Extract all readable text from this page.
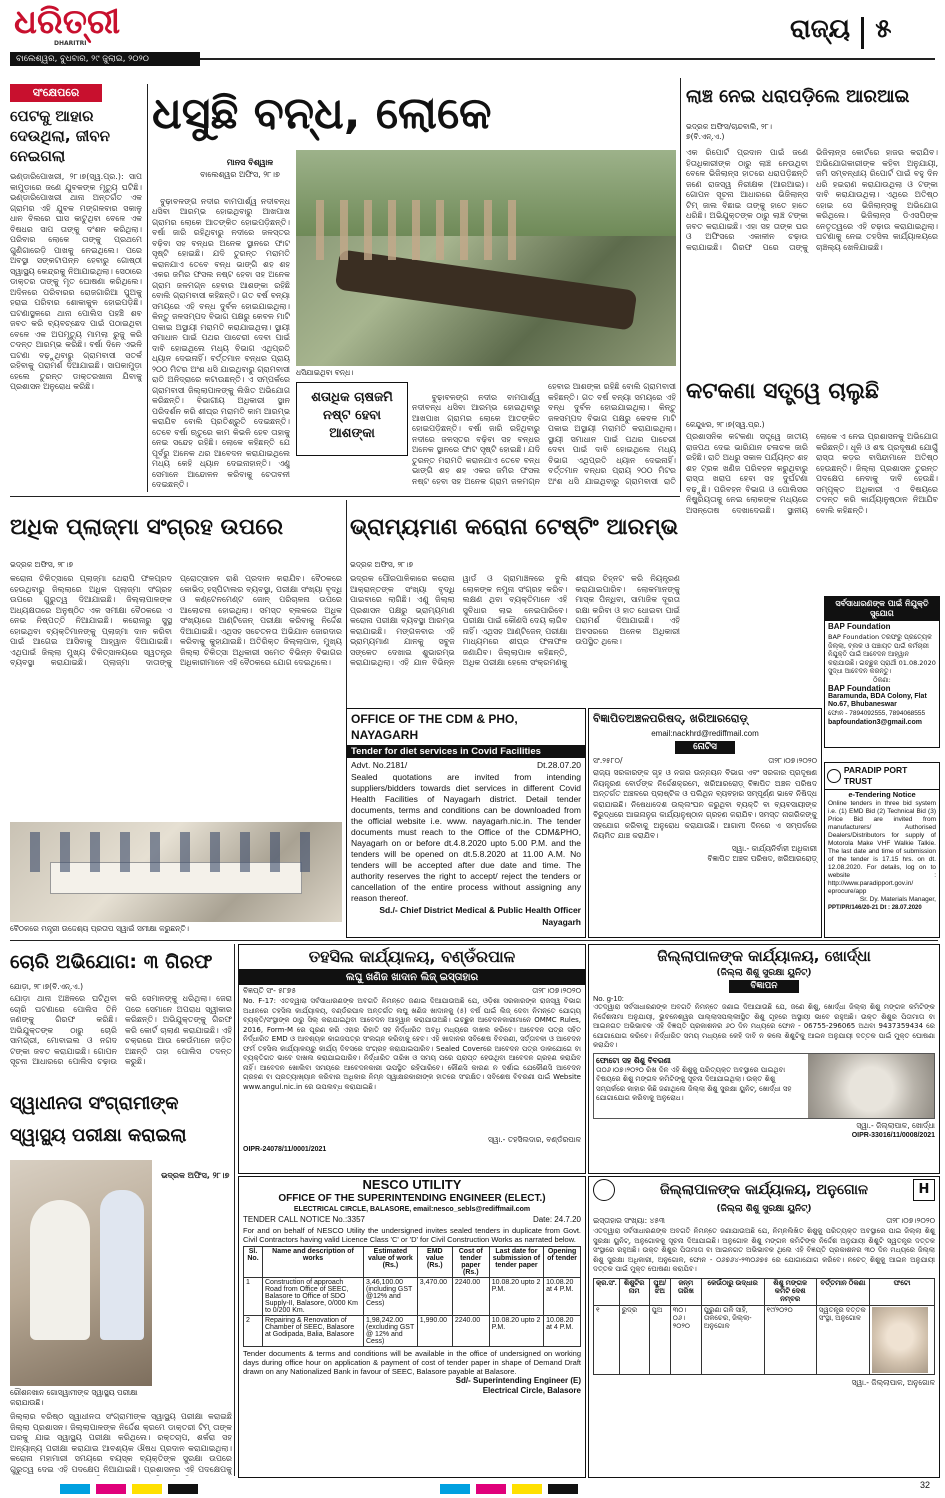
ଧରିତ୍ରୀ
DHARITRI
ବାଲେଶ୍ୱର, ବୁଧବାର, ୨୯ ଜୁଲାଇ, ୨୦୨୦
ରାଜ୍ୟ ୫
ସଂକ୍ଷେପରେ
ପେଟକୁ ଆହାର ଦେଉଥିଲା, ଜୀବନ ନେଇଗଲା
ଭଣ୍ଡାରିପୋଖରୀ, ୨୮।୭(ସ୍ୱ.ପ୍ର.): ସାପ କାମୁଡ଼ାରେ ଜଣେ ଯୁବକଙ୍କ ମୃତ୍ୟୁ ଘଟିଛି। ଭଣ୍ଡାରିପୋଖରୀ ଥାନା ଅନ୍ତର୍ଗତ ଏକ ଗ୍ରାମର ଏହି ଯୁବକ ମଙ୍ଗଳବାର ସକାଳୁ ଧାନ ବିଲରେ ଘାସ କାଟୁଥିବା ବେଳେ ଏକ ବିଷଧର ସାପ ତାଙ୍କୁ ଦଂଶନ କରିଥିଲା। ପରିବାର ଲୋକେ ତାଙ୍କୁ ପ୍ରଥମେ ଗୁଣିଗାରେଡ଼ି ପାଖକୁ ନେଇଥିଲେ। ପରେ ଅବସ୍ଥା ସଙ୍କଟାପନ୍ନ ହେବାରୁ ଗୋଷ୍ଠୀ ସ୍ୱାସ୍ଥ୍ୟ କେନ୍ଦ୍ରକୁ ନିଆଯାଇଥିଲା। ସେଠାରେ ଡାକ୍ତର ତାଙ୍କୁ ମୃତ ଘୋଷଣା କରିଥିଲେ। ଅଦିନରେ ପରିବାରର ରୋଜଗାରିଆ ପୁଅକୁ ହରାଇ ପରିବାର ଶୋକାକୁଳ ହୋଇପଡ଼ିଛି। ଘଟଣାସ୍ଥଳରେ ଥାନା ପୋଲିସ ପହଞ୍ଚି ଶବ ଜବତ କରି ବ୍ୟବଚ୍ଛେଦ ପାଇଁ ପଠାଇଥିବା ବେଳେ ଏକ ଅପମୃତ୍ୟୁ ମାମଲା ରୁଜୁ କରି ତଦନ୍ତ ଆରମ୍ଭ କରିଛି। ବର୍ଷା ଦିନେ ଏଭଳି ଘଟଣା ବଢ଼ୁଥିବାରୁ ଗ୍ରାମବାସୀ ସତର୍କ ରହିବାକୁ ପରାମର୍ଶ ଦିଆଯାଇଛି। ସାପକାମୁଡ଼ା ହେଲେ ତୁରନ୍ତ ଡାକ୍ତରଖାନା ଯିବାକୁ ପ୍ରଶାସନ ଅନୁରୋଧ କରିଛି।
ଧସୁଛି ବନ୍ଧ, ଲୋକେ
ମାନସ ବିଶ୍ୱାଳ
ବାଲେଶ୍ୱର ଅଫିସ, ୨୮।୭

ବୁଢ଼ାବଳଙ୍ଗ ନଦୀର ବାମପାର୍ଶ୍ୱ ନଦୀବନ୍ଧ ଧସିବା ଆରମ୍ଭ ହୋଇଥିବାରୁ ଆଖପାଖ ଗ୍ରାମର ଲୋକେ ଆତଙ୍କିତ ହୋଇପଡ଼ିଛନ୍ତି। ବର୍ଷା ଜାରି ରହିଥିବାରୁ ନଦୀରେ ଜଳସ୍ତର ବଢ଼ିବା ସହ ବନ୍ଧର ଅନେକ ସ୍ଥାନରେ ଫାଟ ସୃଷ୍ଟି ହୋଇଛି। ଯଦି ତୁରନ୍ତ ମରାମତି କରାନଯାଏ ତେବେ ବନ୍ଧ ଭାଙ୍ଗି ଶହ ଶହ ଏକର ଜମିର ଫସଲ ନଷ୍ଟ ହେବା ସହ ଅନେକ ଗ୍ରାମ ଜଳମଗ୍ନ ହେବାର ଆଶଙ୍କା ରହିଛି ବୋଲି ଗ୍ରାମବାସୀ କହିଛନ୍ତି। ଗତ ବର୍ଷ ବନ୍ୟା ସମୟରେ ଏହି ବନ୍ଧ ଦୁର୍ବଳ ହୋଇଯାଇଥିଲା। କିନ୍ତୁ ଜଳସମ୍ପଦ ବିଭାଗ ପକ୍ଷରୁ କେବଳ ମାଟି ପକାଇ ଅସ୍ଥାୟୀ ମରାମତି କରାଯାଇଥିଲା। ସ୍ଥାୟୀ ସମାଧାନ ପାଇଁ ପଥର ପାଚେରୀ ଦେବା ପାଇଁ ଦାବି ହୋଇଥିଲେ ମଧ୍ୟ ବିଭାଗ ଏଥିପ୍ରତି ଧ୍ୟାନ ଦେଇନାହିଁ। ବର୍ତ୍ତମାନ ବନ୍ଧର ପ୍ରାୟ ୨୦୦ ମିଟର ଅଂଶ ଧସି ଯାଇଥିବାରୁ ଗ୍ରାମବାସୀ ରାତି ଅନିଦ୍ରାରେ କଟାଉଛନ୍ତି। ଏ ସମ୍ପର୍କରେ ଗ୍ରାମବାସୀ ଜିଲ୍ଲାପାଳଙ୍କୁ ଲିଖିତ ଅଭିଯୋଗ କରିଛନ୍ତି। ବିଭାଗୀୟ ଅଧିକାରୀ ସ୍ଥାନ ପରିଦର୍ଶନ କରି ଶୀଘ୍ର ମରାମତି କାମ ଆରମ୍ଭ କରାଯିବ ବୋଲି ପ୍ରତିଶ୍ରୁତି ଦେଇଛନ୍ତି। ତେବେ ବର୍ଷା ଋତୁରେ କାମ କିଭଳି ହେବ ତାହାକୁ ନେଇ ସନ୍ଦେହ ରହିଛି। ଲୋକେ କହିଛନ୍ତି ଯେ ପୂର୍ବରୁ ଅନେକ ଥର ଆବେଦନ କରାଯାଇଥିଲେ ମଧ୍ୟ କେହି ଧ୍ୟାନ ଦେଇନାହାନ୍ତି। ଏଣୁ ସେମାନେ ଆନ୍ଦୋଳନ କରିବାକୁ ଚେତାବନୀ ଦେଇଛନ୍ତି।

ଧସିଯାଇଥିବା ବନ୍ଧ।
ଶତାଧିକ ଚାଷଜମି ନଷ୍ଟ ହେବା ଆଶଙ୍କା

ବୁଢ଼ାବଳଙ୍ଗ ନଦୀର ବାମପାର୍ଶ୍ୱ ନଦୀବନ୍ଧ ଧସିବା ଆରମ୍ଭ ହୋଇଥିବାରୁ ଆଖପାଖ ଗ୍ରାମର ଲୋକେ ଆତଙ୍କିତ ହୋଇପଡ଼ିଛନ୍ତି। ବର୍ଷା ଜାରି ରହିଥିବାରୁ ନଦୀରେ ଜଳସ୍ତର ବଢ଼ିବା ସହ ବନ୍ଧର ଅନେକ ସ୍ଥାନରେ ଫାଟ ସୃଷ୍ଟି ହୋଇଛି। ଯଦି ତୁରନ୍ତ ମରାମତି କରାନଯାଏ ତେବେ ବନ୍ଧ ଭାଙ୍ଗି ଶହ ଶହ ଏକର ଜମିର ଫସଲ ନଷ୍ଟ ହେବା ସହ ଅନେକ ଗ୍ରାମ ଜଳମଗ୍ନ ହେବାର ଆଶଙ୍କା ରହିଛି ବୋଲି ଗ୍ରାମବାସୀ କହିଛନ୍ତି। ଗତ ବର୍ଷ ବନ୍ୟା ସମୟରେ ଏହି ବନ୍ଧ ଦୁର୍ବଳ ହୋଇଯାଇଥିଲା। କିନ୍ତୁ ଜଳସମ୍ପଦ ବିଭାଗ ପକ୍ଷରୁ କେବଳ ମାଟି ପକାଇ ଅସ୍ଥାୟୀ ମରାମତି କରାଯାଇଥିଲା। ସ୍ଥାୟୀ ସମାଧାନ ପାଇଁ ପଥର ପାଚେରୀ ଦେବା ପାଇଁ ଦାବି ହୋଇଥିଲେ ମଧ୍ୟ ବିଭାଗ ଏଥିପ୍ରତି ଧ୍ୟାନ ଦେଇନାହିଁ। ବର୍ତ୍ତମାନ ବନ୍ଧର ପ୍ରାୟ ୨୦୦ ମିଟର ଅଂଶ ଧସି ଯାଇଥିବାରୁ ଗ୍ରାମବାସୀ ରାତି

ଲାଞ୍ଚ ନେଇ ଧରାପଡ଼ିଲେ ଆରଆଇ
ଭଦ୍ରକ ଅଫିସ/ଚାନ୍ଦବାଲି, ୨୮।୭(ବି.ଏନ୍.ଏ.)
ଏକ ରିପୋର୍ଟ ପ୍ରଦାନ ପାଇଁ ଜଣେ ହିତାଧିକାରୀଙ୍କ ଠାରୁ ଲାଞ୍ଚ ନେଉଥିବା ବେଳେ ଭିଜିଲାନ୍ସ ହାତରେ ଧରାପଡ଼ିଛନ୍ତି ଜଣେ ରାଜସ୍ୱ ନିରୀକ୍ଷକ (ଆରଆଇ)। ଗୋପନ ସୂଚନା ଆଧାରରେ ଭିଜିଲାନ୍ସ ଟିମ୍ ଜାଲ ବିଛାଇ ତାଙ୍କୁ ହାତେ ହାତେ ଧରିଛି। ଅଭିଯୁକ୍ତଙ୍କ ଠାରୁ ଲାଞ୍ଚ ଟଙ୍କା ଜବତ କରାଯାଇଛି। ଏହା ସହ ତାଙ୍କ ଘର ଓ ଅଫିସରେ ଏକାଳୀନ ଚଢ଼ାଉ କରାଯାଇଛି। ଗିରଫ ପରେ ତାଙ୍କୁ ଭିଜିଲାନ୍ସ କୋର୍ଟରେ ହାଜର କରାଯିବ। ଅଭିଯୋଗକାରୀଙ୍କ କହିବା ଅନୁଯାୟୀ, ଜମି ସମ୍ବନ୍ଧୀୟ ରିପୋର୍ଟ ପାଇଁ ବହୁ ଦିନ ଧରି ହଇରାଣ କରାଯାଉଥିଲା ଓ ଟଙ୍କା ଦାବି କରାଯାଉଥିଲା। ଏଥିରେ ଅତିଷ୍ଠ ହୋଇ ସେ ଭିଜିଲାନ୍ସକୁ ଅଭିଯୋଗ କରିଥିଲେ। ଭିଜିଲାନ୍ସ ଡିଏସପିଙ୍କ ନେତୃତ୍ୱରେ ଏହି ଚଢ଼ାଉ କରାଯାଇଥିଲା। ଘଟଣାକୁ ନେଇ ତହସିଲ କାର୍ଯ୍ୟାଳୟରେ ଚାଞ୍ଚଲ୍ୟ ଖେଳିଯାଇଛି।
କଟକଣା ସତ୍ତ୍ୱେ ଚାଲୁଛି
କେନ୍ଦୁଝର, ୨୮।୭(ସ୍ୱ.ପ୍ର.)
ପ୍ରଶାସନିକ କଟକଣା ସତ୍ତ୍ୱେ ଜାତୀୟ ରାଜପଥ ଦେଇ ଭାରିଯାନ ଚଳାଚଳ ଜାରି ରହିଛି। ରାତି ଅଧରୁ ସକାଳ ପର୍ଯ୍ୟନ୍ତ ଶହ ଶହ ଟ୍ରକ ଖଣିଜ ପରିବହନ କରୁଥିବାରୁ ରାସ୍ତା ଖରାପ ହେବା ସହ ଦୁର୍ଘଟଣା ବଢ଼ୁଛି। ପରିବହନ ବିଭାଗ ଓ ପୋଲିସର ନିଷ୍କ୍ରିୟତାକୁ ନେଇ ଲୋକଙ୍କ ମଧ୍ୟରେ ଅସନ୍ତୋଷ ଦେଖାଦେଇଛି। ସ୍ଥାନୀୟ ଲୋକେ ଏ ନେଇ ପ୍ରଶାସନକୁ ଅଭିଯୋଗ କରିଛନ୍ତି। ଧୂଳି ଓ ଶବ୍ଦ ପ୍ରଦୂଷଣ ଯୋଗୁଁ ରାସ୍ତା କଡ଼ର ବାସିନ୍ଦାମାନେ ଅତିଷ୍ଠ ହେଉଛନ୍ତି। ଜିଲ୍ଲା ପ୍ରଶାସନ ତୁରନ୍ତ ପଦକ୍ଷେପ ନେବାକୁ ଦାବି ହେଉଛି। ସମ୍ପୃକ୍ତ ଅଧିକାରୀ ଏ ବିଷୟରେ ତଦନ୍ତ କରି କାର୍ଯ୍ୟାନୁଷ୍ଠାନ ନିଆଯିବ ବୋଲି କହିଛନ୍ତି।
ଅଧିକ ପ୍ଲାଜ୍ମା ସଂଗ୍ରହ ଉପରେ
ଭଦ୍ରକ ଅଫିସ, ୨୮।୭
କରୋନା ଚିକିତ୍ସାରେ ପ୍ଲାଜ୍ମା ଥେରାପି ଫଳପ୍ରଦ ହେଉଥିବାରୁ ଜିଲ୍ଲାରେ ଅଧିକ ପ୍ଲାଜ୍ମା ସଂଗ୍ରହ ଉପରେ ଗୁରୁତ୍ୱ ଦିଆଯାଇଛି। ଜିଲ୍ଲାପାଳଙ୍କ ଅଧ୍ୟକ୍ଷତାରେ ଅନୁଷ୍ଠିତ ଏକ ସମୀକ୍ଷା ବୈଠକରେ ଏ ନେଇ ନିଷ୍ପତ୍ତି ନିଆଯାଇଛି। କରୋନାରୁ ସୁସ୍ଥ ହୋଇଥିବା ବ୍ୟକ୍ତିମାନଙ୍କୁ ପ୍ଲାଜ୍ମା ଦାନ କରିବା ପାଇଁ ଆଗେଇ ଆସିବାକୁ ଆହ୍ୱାନ ଦିଆଯାଇଛି। ଏଥିପାଇଁ ଜିଲ୍ଲା ମୁଖ୍ୟ ଚିକିତ୍ସାଳୟରେ ସ୍ୱତନ୍ତ୍ର ବ୍ୟବସ୍ଥା କରାଯାଇଛି। ପ୍ଲାଜ୍ମା ଦାତାଙ୍କୁ ପ୍ରୋତ୍ସାହନ ରାଶି ପ୍ରଦାନ କରାଯିବ। ବୈଠକରେ କୋଭିଡ୍ ହସ୍ପିଟାଲର ବ୍ୟବସ୍ଥା, ପରୀକ୍ଷା ସଂଖ୍ୟା ବୃଦ୍ଧି ଓ କଣ୍ଟେନମେଣ୍ଟ ଜୋନ୍ ପରିଚାଳନା ଉପରେ ଆଲୋଚନା ହୋଇଥିଲା। ସମସ୍ତ ବ୍ଲକରେ ଅଧିକ ସଂଖ୍ୟାରେ ଆଣ୍ଟିଜେନ୍ ପରୀକ୍ଷା କରିବାକୁ ନିର୍ଦ୍ଦେଶ ଦିଆଯାଇଛି। ଏଥିସହ ସଚେତନତା ଅଭିଯାନ ଜୋରଦାର କରିବାକୁ କୁହାଯାଇଛି। ଅତିରିକ୍ତ ଜିଲ୍ଲାପାଳ, ମୁଖ୍ୟ ଜିଲ୍ଲା ଚିକିତ୍ସା ଅଧିକାରୀ ସମେତ ବିଭିନ୍ନ ବିଭାଗର ଅଧିକାରୀମାନେ ଏହି ବୈଠକରେ ଯୋଗ ଦେଇଥିଲେ।
ବୈଠକରେ ମନ୍ତ୍ରୀ ଉଦ୍ଦେଶ୍ୟ ପ୍ରତାପ ସ୍ୱାଇଁ ସମୀକ୍ଷା କରୁଛନ୍ତି।
ଭ୍ରାମ୍ୟମାଣ କରୋନା ଟେଷ୍ଟିଂ ଆରମ୍ଭ
ଭଦ୍ରକ ଅଫିସ, ୨୮।୭
ଭଦ୍ରକ ପୌରପାଳିକାରେ କରୋନା ଆକ୍ରାନ୍ତଙ୍କ ସଂଖ୍ୟା ବୃଦ୍ଧି ପାଇବାରେ ଲାଗିଛି। ଏଣୁ ଜିଲ୍ଲା ପ୍ରଶାସନ ପକ୍ଷରୁ ଭ୍ରାମ୍ୟମାଣ କରୋନା ପରୀକ୍ଷା ବ୍ୟବସ୍ଥା ଆରମ୍ଭ କରାଯାଇଛି। ମଙ୍ଗଳବାର ଏହି ଭ୍ରାମ୍ୟମାଣ ଯାନକୁ ସବୁଜ ସଙ୍କେତ ଦେଖାଇ ଶୁଭାରମ୍ଭ କରାଯାଇଥିଲା। ଏହି ଯାନ ବିଭିନ୍ନ ୱାର୍ଡ ଓ ଗ୍ରାମାଞ୍ଚଳରେ ବୁଲି ଲୋକଙ୍କ ନମୁନା ସଂଗ୍ରହ କରିବ। ଲକ୍ଷଣ ଥିବା ବ୍ୟକ୍ତିମାନେ ଏହି ସୁବିଧାର ଲାଭ ନେଇପାରିବେ। ପରୀକ୍ଷା ପାଇଁ କୌଣସି ଦେୟ ଲାଗିବ ନାହିଁ। ଏଥିସହ ଆଣ୍ଟିଜେନ୍ ପରୀକ୍ଷା ମାଧ୍ୟମରେ ଶୀଘ୍ର ଫଳାଫଳ ଜଣାଯିବ। ଜିଲ୍ଲାପାଳ କହିଛନ୍ତି, ଅଧିକ ପରୀକ୍ଷା ହେଲେ ସଂକ୍ରମଣକୁ ଶୀଘ୍ର ଚିହ୍ନଟ କରି ନିୟନ୍ତ୍ରଣ କରାଯାଇପାରିବ। ଲୋକମାନଙ୍କୁ ମାସ୍କ ପିନ୍ଧିବା, ସାମାଜିକ ଦୂରତା ରକ୍ଷା କରିବା ଓ ହାତ ଧୋଇବା ପାଇଁ ପରାମର୍ଶ ଦିଆଯାଇଛି। ଏହି ଅବସରରେ ଅନେକ ଅଧିକାରୀ ଉପସ୍ଥିତ ଥିଲେ।
OFFICE OF THE CDM & PHO, NAYAGARH
Tender for diet services in Covid Facilities
Advt. No.2181/	Dt.28.07.20
Sealed quotations are invited from intending suppliers/bidders towards diet services in different Covid Health Facilities of Nayagarh district. Detail tender documents, terms and conditions can be downloaded from the official website i.e. www. nayagarh.nic.in. The tender documents must reach to the Office of the CDM&PHO, Nayagarh on or before dt.4.8.2020 upto 5.00 P.M. and the tenders will be opened on dt.5.8.2020 at 11.00 A.M. No tenders will be accepted after due date and time. The authority reserves the right to accept/ reject the tenders or cancellation of the entire process without assigning any reason thereof.
Sd./- Chief District Medical & Public Health Officer
Nayagarh
ବିଜ୍ଞାପିତଅଞ୍ଚଳପରିଷଦ୍, ଖରିଆରରୋଡ଼୍
email:nackhrd@rediffmail.com
ନୋଟିସ
ସଂ.୨୫୮୦/	ତା୨୮।୦୭।୨୦୨୦
ରାଜ୍ୟ ସରକାରଙ୍କ ଗୃହ ଓ ନଗର ଉନ୍ନୟନ ବିଭାଗ ଏବଂ ସରକାର ପ୍ରଦୂଷଣ ନିୟନ୍ତ୍ରଣ ବୋର୍ଡଙ୍କ ନିର୍ଦ୍ଦେଶକ୍ରମେ, ଖରିଆରରୋଡ଼୍ ବିଜ୍ଞାପିତ ଅଞ୍ଚଳ ପରିଷଦ ଅନ୍ତର୍ଗତ ଅଞ୍ଚଳରେ ପ୍ଲାଷ୍ଟିକ ଓ ପଲିଥିନ ବ୍ୟବହାର ସମ୍ପୂର୍ଣ୍ଣ ଭାବେ ନିଷିଦ୍ଧ କରାଯାଇଛି। ନିଷେଧାଦେଶ ଉଲ୍ଲଂଘନ କରୁଥିବା ବ୍ୟକ୍ତି ବା ବ୍ୟବସାୟୀଙ୍କ ବିରୁଦ୍ଧରେ ଆଇନାନୁଗ କାର୍ଯ୍ୟାନୁଷ୍ଠାନ ଗ୍ରହଣ କରାଯିବ। ସମସ୍ତ ନାଗରିକଙ୍କୁ ସହଯୋଗ କରିବାକୁ ଅନୁରୋଧ କରାଯାଉଛି। ଆଗାମୀ ଦିନରେ ଏ ସମ୍ପର୍କରେ ନିୟମିତ ଯାଞ୍ଚ କରାଯିବ।
ସ୍ୱା.- କାର୍ଯ୍ୟନିର୍ବାହୀ ଅଧିକାରୀ
ବିଜ୍ଞାପିତ ଅଞ୍ଚଳ ପରିଷଦ, ଖରିଆରରୋଡ଼୍
ସର୍ବସାଧାରଣଙ୍କ ପାଇଁ ନିଯୁକ୍ତି ସୁଯୋଗ
BAP Foundation
BAP Foundation ତରଫରୁ ପ୍ରତ୍ୟେକ ଜିଲ୍ଲା, ବ୍ଲକ ଓ ପଞ୍ଚାୟତ ପାଇଁ କର୍ମଚାରୀ ନିଯୁକ୍ତି ପାଇଁ ଆବେଦନ ଆହ୍ୱାନ କରାଯାଉଛି। ଇଚ୍ଛୁକ ପ୍ରାର୍ଥୀ 01.08.2020 ସୁଦ୍ଧା ଆବେଦନ କରନ୍ତୁ।
ଠିକଣା:
BAP Foundation
Baramunda, BDA Colony, Flat No.67, Bhubaneswar
ଫୋନ - 7894092555, 7894068555
bapfoundation3@gmail.com
PARADIP PORT TRUST
e-Tendering Notice
Online tenders in three bid system i.e. (1) EMD Bid (2) Technical Bid (3) Price Bid are invited from manufacturers/ Authorised Dealers/Distributors for supply of Motorola Make VHF Walkie Talkie. The last date and time of submission of the tender is 17.15 hrs. on dt. 12.08.2020. For details, log on to website : http://www.paradipport.gov.in/ eprocure/app
Sr. Dy. Materials Manager,
PPT/PR/146/20-21 Dt : 28.07.2020
ଚୋରି ଅଭିଯୋଗ: ୩ ଗିରଫ
ଯୋଡ଼ା, ୨୮।୭(ବି.ଏନ୍.ଏ.)
ଯୋଡ଼ା ଥାନା ଅଞ୍ଚଳରେ ଘଟିଥିବା ଚୋରି ଘଟଣାରେ ପୋଲିସ ତିନି ଜଣଙ୍କୁ ଗିରଫ କରିଛି। ଅଭିଯୁକ୍ତଙ୍କ ଠାରୁ ଚୋରି ସାମଗ୍ରୀ, ମୋବାଇଲ ଓ ନଗଦ ଟଙ୍କା ଜବତ କରାଯାଇଛି। ଗୋପନ ସୂଚନା ଆଧାରରେ ପୋଲିସ ଚଢ଼ାଉ କରି ସେମାନଙ୍କୁ ଧରିଥିଲା। ଜେରା ପରେ ସେମାନେ ଅପରାଧ ସ୍ୱୀକାର କରିଛନ୍ତି। ଅଭିଯୁକ୍ତଙ୍କୁ ଗିରଫ କରି କୋର୍ଟ ଚାଲାଣ କରାଯାଇଛି। ଏହି ଚକ୍ରରେ ଆଉ କେଉଁମାନେ ଜଡ଼ିତ ଅଛନ୍ତି ତାହା ପୋଲିସ ତଦନ୍ତ କରୁଛି।
ସ୍ୱାଧୀନତା ସଂଗ୍ରାମୀଙ୍କ ସ୍ୱାସ୍ଥ୍ୟ ପରୀକ୍ଷା କରାଇଲା

ଭଦ୍ରକ ଅଫିସ, ୨୮।୭

ରୌଶନଖାନ ଗୋସ୍ୱାମୀଙ୍କ ସ୍ୱାସ୍ଥ୍ୟ ପରୀକ୍ଷା କରାଯାଉଛି।
ଜିଲ୍ଲାର ବରିଷ୍ଠ ସ୍ୱାଧୀନତା ସଂଗ୍ରାମୀଙ୍କ ସ୍ୱାସ୍ଥ୍ୟ ପରୀକ୍ଷା କରାଇଛି ଜିଲ୍ଲା ପ୍ରଶାସନ। ଜିଲ୍ଲାପାଳଙ୍କ ନିର୍ଦ୍ଦେଶ କ୍ରମେ ଡାକ୍ତରୀ ଟିମ୍ ତାଙ୍କ ଘରକୁ ଯାଇ ସ୍ୱାସ୍ଥ୍ୟ ପରୀକ୍ଷା କରିଥିଲେ। ରକ୍ତଚାପ, ଶର୍କରା ସହ ଅନ୍ୟାନ୍ୟ ପରୀକ୍ଷା କରାଯାଇ ଆବଶ୍ୟକ ଔଷଧ ପ୍ରଦାନ କରାଯାଇଥିଲା। କରୋନା ମହାମାରୀ ସମୟରେ ବୟସ୍କ ବ୍ୟକ୍ତିଙ୍କ ସୁରକ୍ଷା ଉପରେ ଗୁରୁତ୍ୱ ଦେଇ ଏହି ପଦକ୍ଷେପ ନିଆଯାଇଛି। ପ୍ରଶାସନର ଏହି ପଦକ୍ଷେପକୁ
ତହସିଲ କାର୍ଯ୍ୟାଳୟ, ବଣ୍ଡଁରପାଳ
ଲଘୁ ଖଣିଜ ଖାଦାନ ଲିଜ୍ ଇସ୍ତାହାର
ବିଜ୍ଞପ୍ତି ସଂ- ୫୮୭୫	ତା୨୮।୦୭।୨୦୨୦
No. F-17: ଏତଦ୍ୱାରା ସର୍ବସାଧାରଣଙ୍କ ଅବଗତି ନିମନ୍ତେ ଜଣାଇ ଦିଆଯାଉଅଛି ଯେ, ଓଡ଼ିଶା ସରକାରଙ୍କ ରାଜସ୍ୱ ବିଭାଗ ଅଧୀନରେ ତହସିଲ କାର୍ଯ୍ୟାଳୟ, ବଣ୍ଡଁରପାଳ ଅନ୍ତର୍ଗତ ଲଘୁ ଖଣିଜ ଖାଦାନକୁ (୫) ବର୍ଷ ପାଇଁ ଲିଜ୍ ଦେବା ନିମନ୍ତେ ଯୋଗ୍ୟ ବ୍ୟକ୍ତି/ସଂସ୍ଥାଙ୍କ ଠାରୁ ସିଲ୍ କରାଯାଇଥିବା ଆବେଦନ ଆହ୍ୱାନ କରାଯାଉଅଛି। ଇଚ୍ଛୁକ ଆବେଦନକାରୀମାନେ OMMC Rules, 2016, Form-M ରେ ପୂରଣ କରି ଏହାର ରିହାତି ସହ ନିର୍ଦ୍ଧାରିତ ଅବଧି ମଧ୍ୟରେ ଦାଖଲ କରିବେ। ଆବେଦନ ପତ୍ର ସହିତ ନିର୍ଦ୍ଧାରିତ EMD ଓ ଆବଶ୍ୟକ କାଗଜପତ୍ର ସଂଲଗ୍ନ କରିବାକୁ ହେବ। ଏହି ଖାଦାନର ସବିଶେଷ ବିବରଣୀ, ସର୍ତ୍ତାବଳୀ ଓ ଆବେଦନ ଫର୍ମ ତହସିଲ କାର୍ଯ୍ୟାଳୟରୁ କାର୍ଯ୍ୟ ଦିବସରେ ସଂଗ୍ରହ କରାଯାଇପାରିବ। Sealed Coverରେ ଆବେଦନ ପତ୍ର ଡାକଯୋଗେ ବା ବ୍ୟକ୍ତିଗତ ଭାବେ ଦାଖଲ କରାଯାଇପାରିବ। ନିର୍ଦ୍ଧାରିତ ତାରିଖ ଓ ସମୟ ପରେ ପ୍ରାପ୍ତ ହେଉଥିବା ଆବେଦନ ଗ୍ରହଣ କରାଯିବ ନାହିଁ। ଆବେଦନ ଖୋଲିବା ସମୟରେ ଆବେଦନକାରୀ ଉପସ୍ଥିତ ରହିପାରିବେ। କୌଣସି କାରଣ ନ ଦର୍ଶାଇ ଯେକୌଣସି ଆବେଦନ ଗ୍ରହଣ ବା ପ୍ରତ୍ୟାଖ୍ୟାନ କରିବାର ଅଧିକାର ନିମ୍ନ ସ୍ୱାକ୍ଷରକାରୀଙ୍କ ହାତରେ ସଂରକ୍ଷିତ। ସବିଶେଷ ବିବରଣୀ ପାଇଁ Website www.angul.nic.in ରେ ଉପଲବ୍ଧ କରାଯାଇଛି।
ସ୍ୱା.- ତହସିଲଦାର, ବଣ୍ଡଁରପାଳ
OIPR-24078/11/0001/2021
NESCO UTILITY
OFFICE OF THE SUPERINTENDING ENGINEER (ELECT.)
ELECTRICAL CIRCLE, BALASORE, email:nesco_sebls@rediffmail.com
TENDER CALL NOTICE No.:3357	Date: 24.7.20
For and on behalf of NESCO Utility the undersigned invites sealed tenders in duplicate from Govt. Civil Contractors having valid Licence Class 'C' or 'D' for Civil Construction Works as narrated below.
Sl. No.	Name and description of works	Estimated value of work (Rs.)	EMD value (Rs.)	Cost of tender paper (Rs.)	Last date for submission of tender paper	Opening of tender
1	Construction of approach Road from Office of SEEC, Balasore to Office of SDO Supply-II, Balasore, 0/000 Km to 0/200 Km.	3,46,100.00 (including GST @12% and Cess)	3,470.00	2240.00	10.08.20 upto 2 P.M.	10.08.20 at 4 P.M.
2	Repairing & Renovation of Chamber of SEEC, Balasore at Godipada, Balia, Balasore	1,98,242.00 (excluding GST @ 12% and Cess)	1,990.00	2240.00	10.08.20 upto 2 P.M.	10.08.20 at 4 P.M.
Tender documents & terms and conditions will be available in the office of undersigned on working days during office hour on application & payment of cost of tender paper in shape of Demand Draft drawn on any Nationalized Bank in favour of SEEC, Balasore payable at Balasore.
Sd/- Superintending Engineer (E)
Electrical Circle, Balasore
ଜିଲ୍ଲାପାଳଙ୍କ କାର୍ଯ୍ୟାଳୟ, ଖୋର୍ଦ୍ଧା
(ଜିଲ୍ଲା ଶିଶୁ ସୁରକ୍ଷା ୟୁନିଟ୍)
ବିଜ୍ଞାପନ
No. g-10:
ଏତଦ୍ୱାରା ସର୍ବସାଧାରଣଙ୍କ ଅବଗତି ନିମନ୍ତେ ଜଣାଇ ଦିଆଯାଉଛି ଯେ, ଜଣେ ଶିଶୁ, ଖୋର୍ଦ୍ଧା ଜିଲ୍ଲା ଶିଶୁ ମଙ୍ଗଳ କମିଟିଙ୍କ ନିର୍ଦ୍ଦେଶନାମା ଅନୁଯାୟୀ, ଭୁବନେଶ୍ୱର ପାଲ୍ଲାସପଲ୍ଲୀସ୍ଥିତ ଶିଶୁ ଗୃହରେ ଅସ୍ଥାୟୀ ଭାବେ ରହୁଅଛି। ଉକ୍ତ ଶିଶୁର ପିତାମାତା ବା ଆଇନଗତ ଅଭିଭାବକ ଏହି ବିଜ୍ଞପ୍ତି ପ୍ରକାଶନର ୬୦ ଦିନ ମଧ୍ୟରେ ଫୋନ - 06755-296065 ଅଥବା 9437359434 ରେ ଯୋଗାଯୋଗ କରିବେ। ନିର୍ଦ୍ଧାରିତ ସମୟ ମଧ୍ୟରେ କେହି ଦାବି ନ କଲେ ଶିଶୁଟିକୁ ଆଇନ ଅନୁଯାୟୀ ଦତ୍ତକ ପାଇଁ ମୁକ୍ତ ଘୋଷଣା କରାଯିବ।
ଫୋଟୋ ସହ ଶିଶୁ ବିବରଣୀ
ତା୦୬।୦୭।୨୦୨୦ ରିଖ ଦିନ ଏହି ଶିଶୁକୁ ପରିତ୍ୟକ୍ତ ଅବସ୍ଥାରେ ପାଇଥିବା ବିଷୟରେ ଶିଶୁ ମଙ୍ଗଳ କମିଟିଙ୍କୁ ସୂଚନା ଦିଆଯାଇଥିଲା। ଉକ୍ତ ଶିଶୁ ସମ୍ପର୍କରେ କାହାର କିଛି ଜଣାଥିଲେ ଜିଲ୍ଲା ଶିଶୁ ସୁରକ୍ଷା ୟୁନିଟ୍, ଖୋର୍ଦ୍ଧା ସହ ଯୋଗାଯୋଗ କରିବାକୁ ଅନୁରୋଧ।
ସ୍ୱା.- ଜିଲ୍ଲାପାଳ, ଖୋର୍ଦ୍ଧା
OIPR-33016/11/0008/2021
ଜିଲ୍ଲାପାଳଙ୍କ କାର୍ଯ୍ୟାଳୟ, ଅନୁଗୋଳ	H
(ଜିଲ୍ଲା ଶିଶୁ ସୁରକ୍ଷା ୟୁନିଟ୍)
ଇସ୍ତାହାର ସଂଖ୍ୟା: ୪୫୩	ତା୨୮।୦୭।୨୦୨୦
ଏତଦ୍ୱାରା ସର୍ବସାଧାରଣଙ୍କ ଅବଗତି ନିମନ୍ତେ ଜଣାଯାଉଅଛି ଯେ, ନିମ୍ନଲିଖିତ ଶିଶୁକୁ ପରିତ୍ୟକ୍ତ ଅବସ୍ଥାରେ ପାଇ ଜିଲ୍ଲା ଶିଶୁ ସୁରକ୍ଷା ୟୁନିଟ୍, ଅନୁଗୋଳକୁ ସୂଚନା ଦିଆଯାଇଛି। ଅନୁଗୋଳ ଶିଶୁ ମଙ୍ଗଳ କମିଟିଙ୍କ ନିର୍ଦ୍ଦେଶ ଅନୁଯାୟୀ ଶିଶୁଟି ସ୍ୱତନ୍ତ୍ର ଦତ୍ତକ ସଂସ୍ଥାରେ ରହୁଅଛି। ଉକ୍ତ ଶିଶୁର ପିତାମାତା ବା ଆଇନଗତ ଅଭିଭାବକ ଥିଲେ ଏହି ବିଜ୍ଞପ୍ତି ପ୍ରକାଶନର ୩୦ ଦିନ ମଧ୍ୟରେ ଜିଲ୍ଲା ଶିଶୁ ସୁରକ୍ଷା ଅଧିକାରୀ, ଅନୁଗୋଳ, ଫୋନ - ୦୬୭୬୪-୨୩୦୬୭୫ ରେ ଯୋଗାଯୋଗ କରିବେ। ନଚେତ୍ ଶିଶୁକୁ ଆଇନ ଅନୁଯାୟୀ ଦତ୍ତକ ପାଇଁ ମୁକ୍ତ ଘୋଷଣା କରାଯିବ।
କ୍ର.ସଂ.	ଶିଶୁଟିର ନାମ	ପୁଅ/ଝିଅ	ଜନ୍ମ ତାରିଖ	କେଉଁଠାରୁ ଉଦ୍ଧାର	ଶିଶୁ ମଙ୍ଗଳ କମିଟି ଦେଶ ନମ୍ବର	ବର୍ତ୍ତମାନ ଠିକଣା	ଫଟୋ
୧	ରୁଦ୍ର	ପୁଅ	୩୦।୦୬।୨୦୨୦	ପୁରୁଣା ଗଳି ସାହି, ତାଳଚେର, ଜିଲ୍ଲା-ଅନୁଗୋଳ	୧୯/୨୦୨୦	ସ୍ୱତନ୍ତ୍ର ଦତ୍ତକ ସଂସ୍ଥା, ଅନୁଗୋଳ	
ସ୍ୱା.- ଜିଲ୍ଲାପାଳ, ଅନୁଗୋଳ
32
